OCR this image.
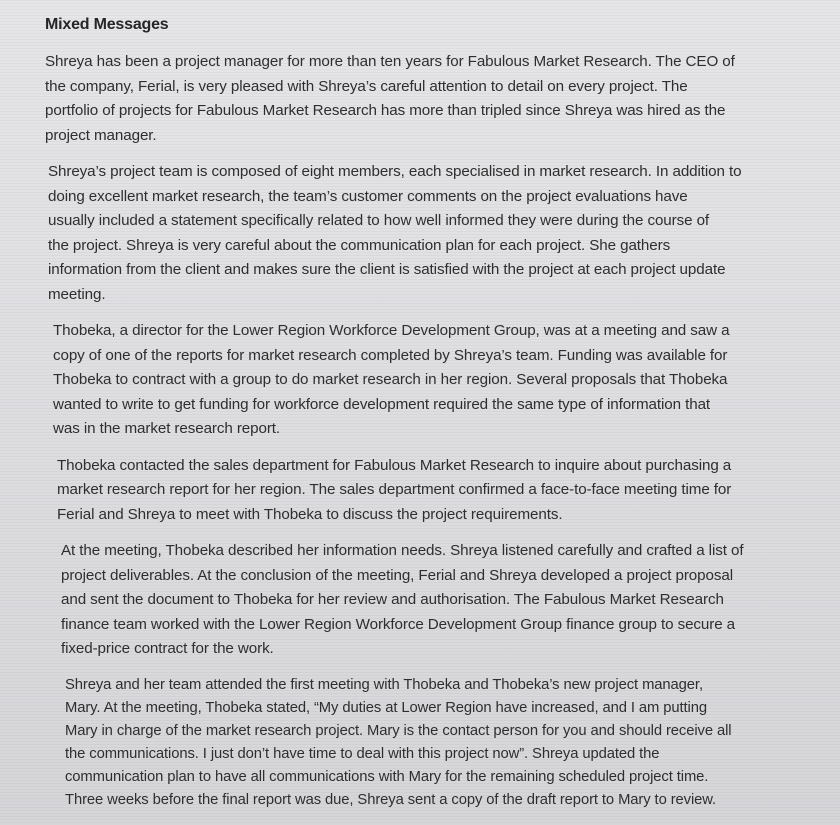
Mixed Messages

Shreya has been a project manager for more than ten years for Fabulous Market Research. The CEO of
the company, Ferial, is very pleased with Shreya’s careful attention to detail on every project. The
portfolio of projects for Fabulous Market Research has more than tripled since Shreya was hired as the
project manager.

Shreya’s project team is composed of eight members, each specialised in market research. In addition to
doing excellent market research, the team’s customer comments on the project evaluations have
usually included a statement specifically related to how well informed they were during the course of
the project. Shreya is very careful about the communication plan for each project. She gathers
information from the client and makes sure the client is satisfied with the project at each project update
meeting.

Thobeka, a director for the Lower Region Workforce Development Group, was at a meeting and saw a
copy of one of the reports for market research completed by Shreya’s team. Funding was available for
Thobeka to contract with a group to do market research in her region. Several proposals that Thobeka
wanted to write to get funding for workforce development required the same type of information that
was in the market research report.

Thobeka contacted the sales department for Fabulous Market Research to inquire about purchasing a
market research report for her region. The sales department confirmed a face-to-face meeting time for
Ferial and Shreya to meet with Thobeka to discuss the project requirements.

At the meeting, Thobeka described her information needs. Shreya listened carefully and crafted a list of
project deliverables. At the conclusion of the meeting, Ferial and Shreya developed a project proposal
and sent the document to Thobeka for her review and authorisation. The Fabulous Market Research
finance team worked with the Lower Region Workforce Development Group finance group to secure a
fixed-price contract for the work.

Shreya and her team attended the first meeting with Thobeka and Thobeka’s new project manager,
Mary. At the meeting, Thobeka stated, “My duties at Lower Region have increased, and I am putting
Mary in charge of the market research project. Mary is the contact person for you and should receive all
the communications. I just don’t have time to deal with this project now”. Shreya updated the
communication plan to have all communications with Mary for the remaining scheduled project time.
Three weeks before the final report was due, Shreya sent a copy of the draft report to Mary to review.
